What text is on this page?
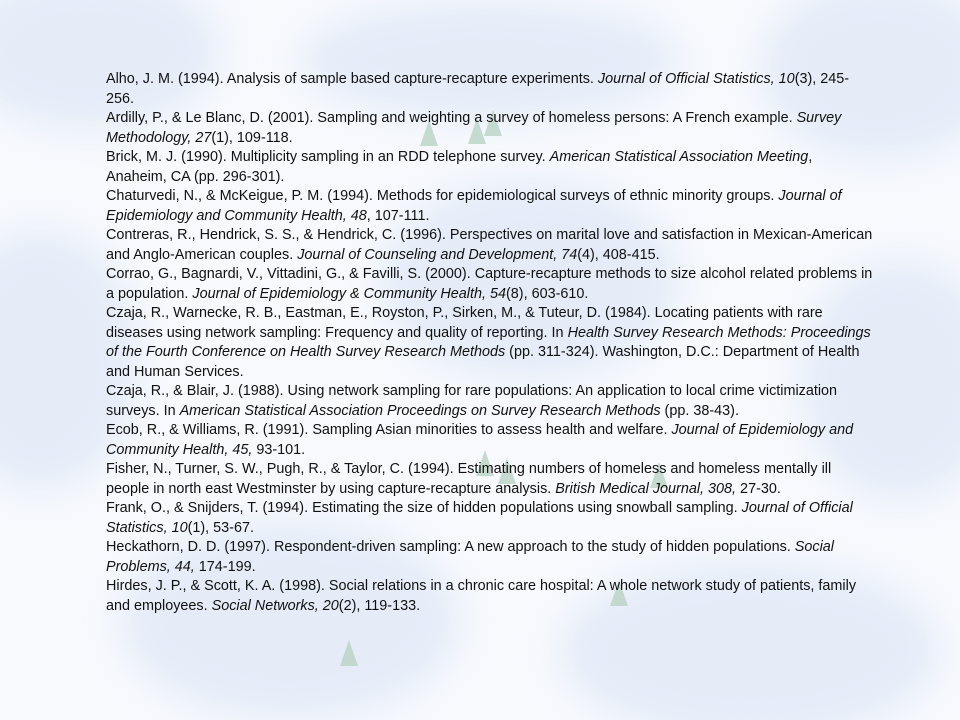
Alho, J. M. (1994). Analysis of sample based capture-recapture experiments. Journal of Official Statistics, 10(3), 245-256.

Ardilly, P., & Le Blanc, D. (2001). Sampling and weighting a survey of homeless persons: A French example. Survey Methodology, 27(1), 109-118.

Brick, M. J. (1990). Multiplicity sampling in an RDD telephone survey. American Statistical Association Meeting, Anaheim, CA (pp. 296-301).

Chaturvedi, N., & McKeigue, P. M. (1994). Methods for epidemiological surveys of ethnic minority groups. Journal of Epidemiology and Community Health, 48, 107-111.

Contreras, R., Hendrick, S. S., & Hendrick, C. (1996). Perspectives on marital love and satisfaction in Mexican-American and Anglo-American couples. Journal of Counseling and Development, 74(4), 408-415.

Corrao, G., Bagnardi, V., Vittadini, G., & Favilli, S. (2000). Capture-recapture methods to size alcohol related problems in a population. Journal of Epidemiology & Community Health, 54(8), 603-610.

Czaja, R., Warnecke, R. B., Eastman, E., Royston, P., Sirken, M., & Tuteur, D. (1984). Locating patients with rare diseases using network sampling: Frequency and quality of reporting. In Health Survey Research Methods: Proceedings of the Fourth Conference on Health Survey Research Methods (pp. 311-324). Washington, D.C.: Department of Health and Human Services.

Czaja, R., & Blair, J. (1988). Using network sampling for rare populations: An application to local crime victimization surveys. In American Statistical Association Proceedings on Survey Research Methods (pp. 38-43).

Ecob, R., & Williams, R. (1991). Sampling Asian minorities to assess health and welfare. Journal of Epidemiology and Community Health, 45, 93-101.

Fisher, N., Turner, S. W., Pugh, R., & Taylor, C. (1994). Estimating numbers of homeless and homeless mentally ill people in north east Westminster by using capture-recapture analysis. British Medical Journal, 308, 27-30.

Frank, O., & Snijders, T. (1994). Estimating the size of hidden populations using snowball sampling. Journal of Official Statistics, 10(1), 53-67.

Heckathorn, D. D. (1997). Respondent-driven sampling: A new approach to the study of hidden populations. Social Problems, 44, 174-199.

Hirdes, J. P., & Scott, K. A. (1998). Social relations in a chronic care hospital: A whole network study of patients, family and employees. Social Networks, 20(2), 119-133.
